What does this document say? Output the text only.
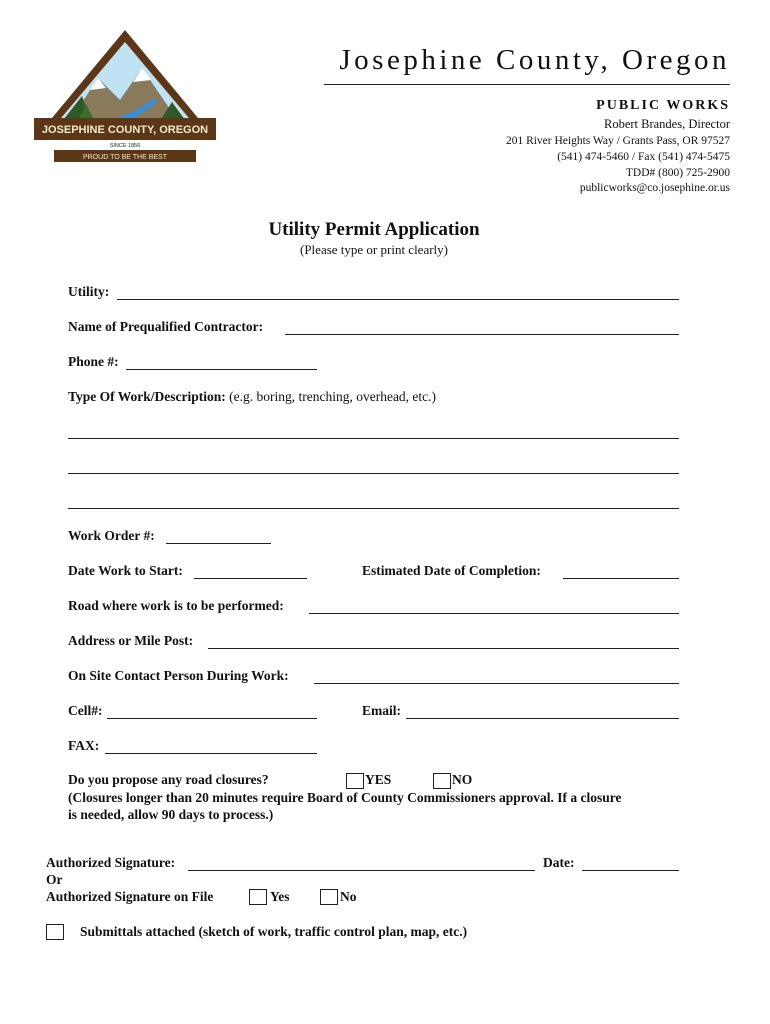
JOSEPHINE COUNTY, OREGON
SINCE 1856
PROUD TO BE THE BEST
Josephine County, Oregon
PUBLIC WORKS
Robert Brandes, Director
201 River Heights Way / Grants Pass, OR 97527
(541) 474-5460 / Fax (541) 474-5475
TDD# (800) 725-2900
publicworks@co.josephine.or.us
Utility Permit Application
(Please type or print clearly)
Utility:
Name of Prequalified Contractor:
Phone #:
Type Of Work/Description: (e.g. boring, trenching, overhead, etc.)
Work Order #:
Date Work to Start:	Estimated Date of Completion:
Road where work is to be performed:
Address or Mile Post:
On Site Contact Person During Work:
Cell#:	Email:
FAX:
Do you propose any road closures?	YES	NO
(Closures longer than 20 minutes require Board of County Commissioners approval. If a closure
is needed, allow 90 days to process.)
Authorized Signature:	Date:
Or
Authorized Signature on File	Yes	No
Submittals attached (sketch of work, traffic control plan, map, etc.)
